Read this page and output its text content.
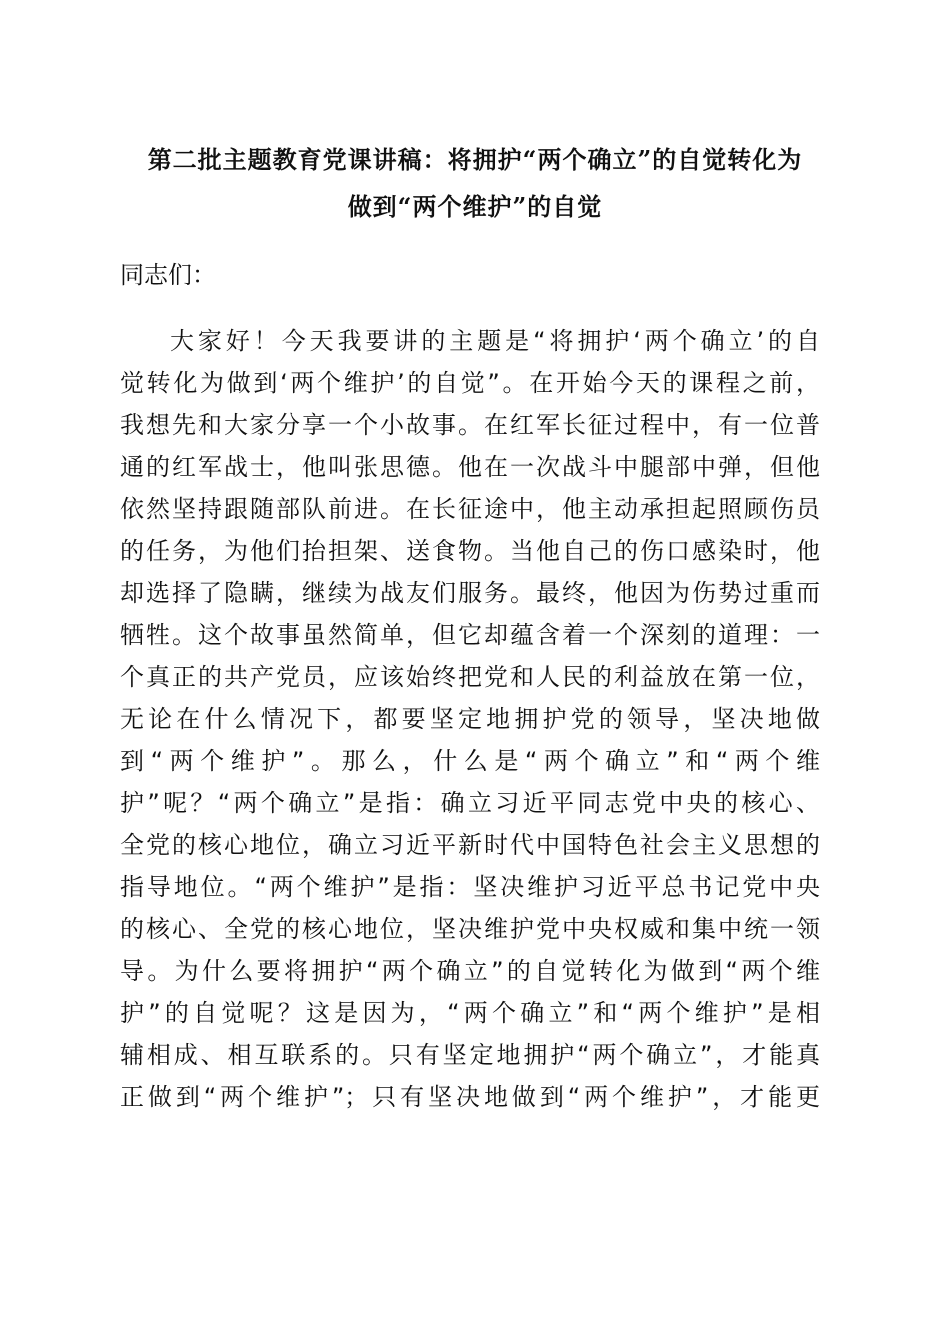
第二批主题教育党课讲稿：将拥护“两个确立”的自觉转化为
做到“两个维护”的自觉
同志们：
大家好！今天我要讲的主题是“将拥护‘两个确立’的自
觉转化为做到‘两个维护’的自觉”。在开始今天的课程之前，
我想先和大家分享一个小故事。在红军长征过程中，有一位普
通的红军战士，他叫张思德。他在一次战斗中腿部中弹，但他
依然坚持跟随部队前进。在长征途中，他主动承担起照顾伤员
的任务，为他们抬担架、送食物。当他自己的伤口感染时，他
却选择了隐瞒，继续为战友们服务。最终，他因为伤势过重而
牺牲。这个故事虽然简单，但它却蕴含着一个深刻的道理：一
个真正的共产党员，应该始终把党和人民的利益放在第一位，
无论在什么情况下，都要坚定地拥护党的领导，坚决地做
到“两个维护”。那么，什么是“两个确立”和“两个维
护”呢？“两个确立”是指：确立习近平同志党中央的核心、
全党的核心地位，确立习近平新时代中国特色社会主义思想的
指导地位。“两个维护”是指：坚决维护习近平总书记党中央
的核心、全党的核心地位，坚决维护党中央权威和集中统一领
导。为什么要将拥护“两个确立”的自觉转化为做到“两个维
护”的自觉呢？这是因为，“两个确立”和“两个维护”是相
辅相成、相互联系的。只有坚定地拥护“两个确立”，才能真
正做到“两个维护”；只有坚决地做到“两个维护”，才能更
